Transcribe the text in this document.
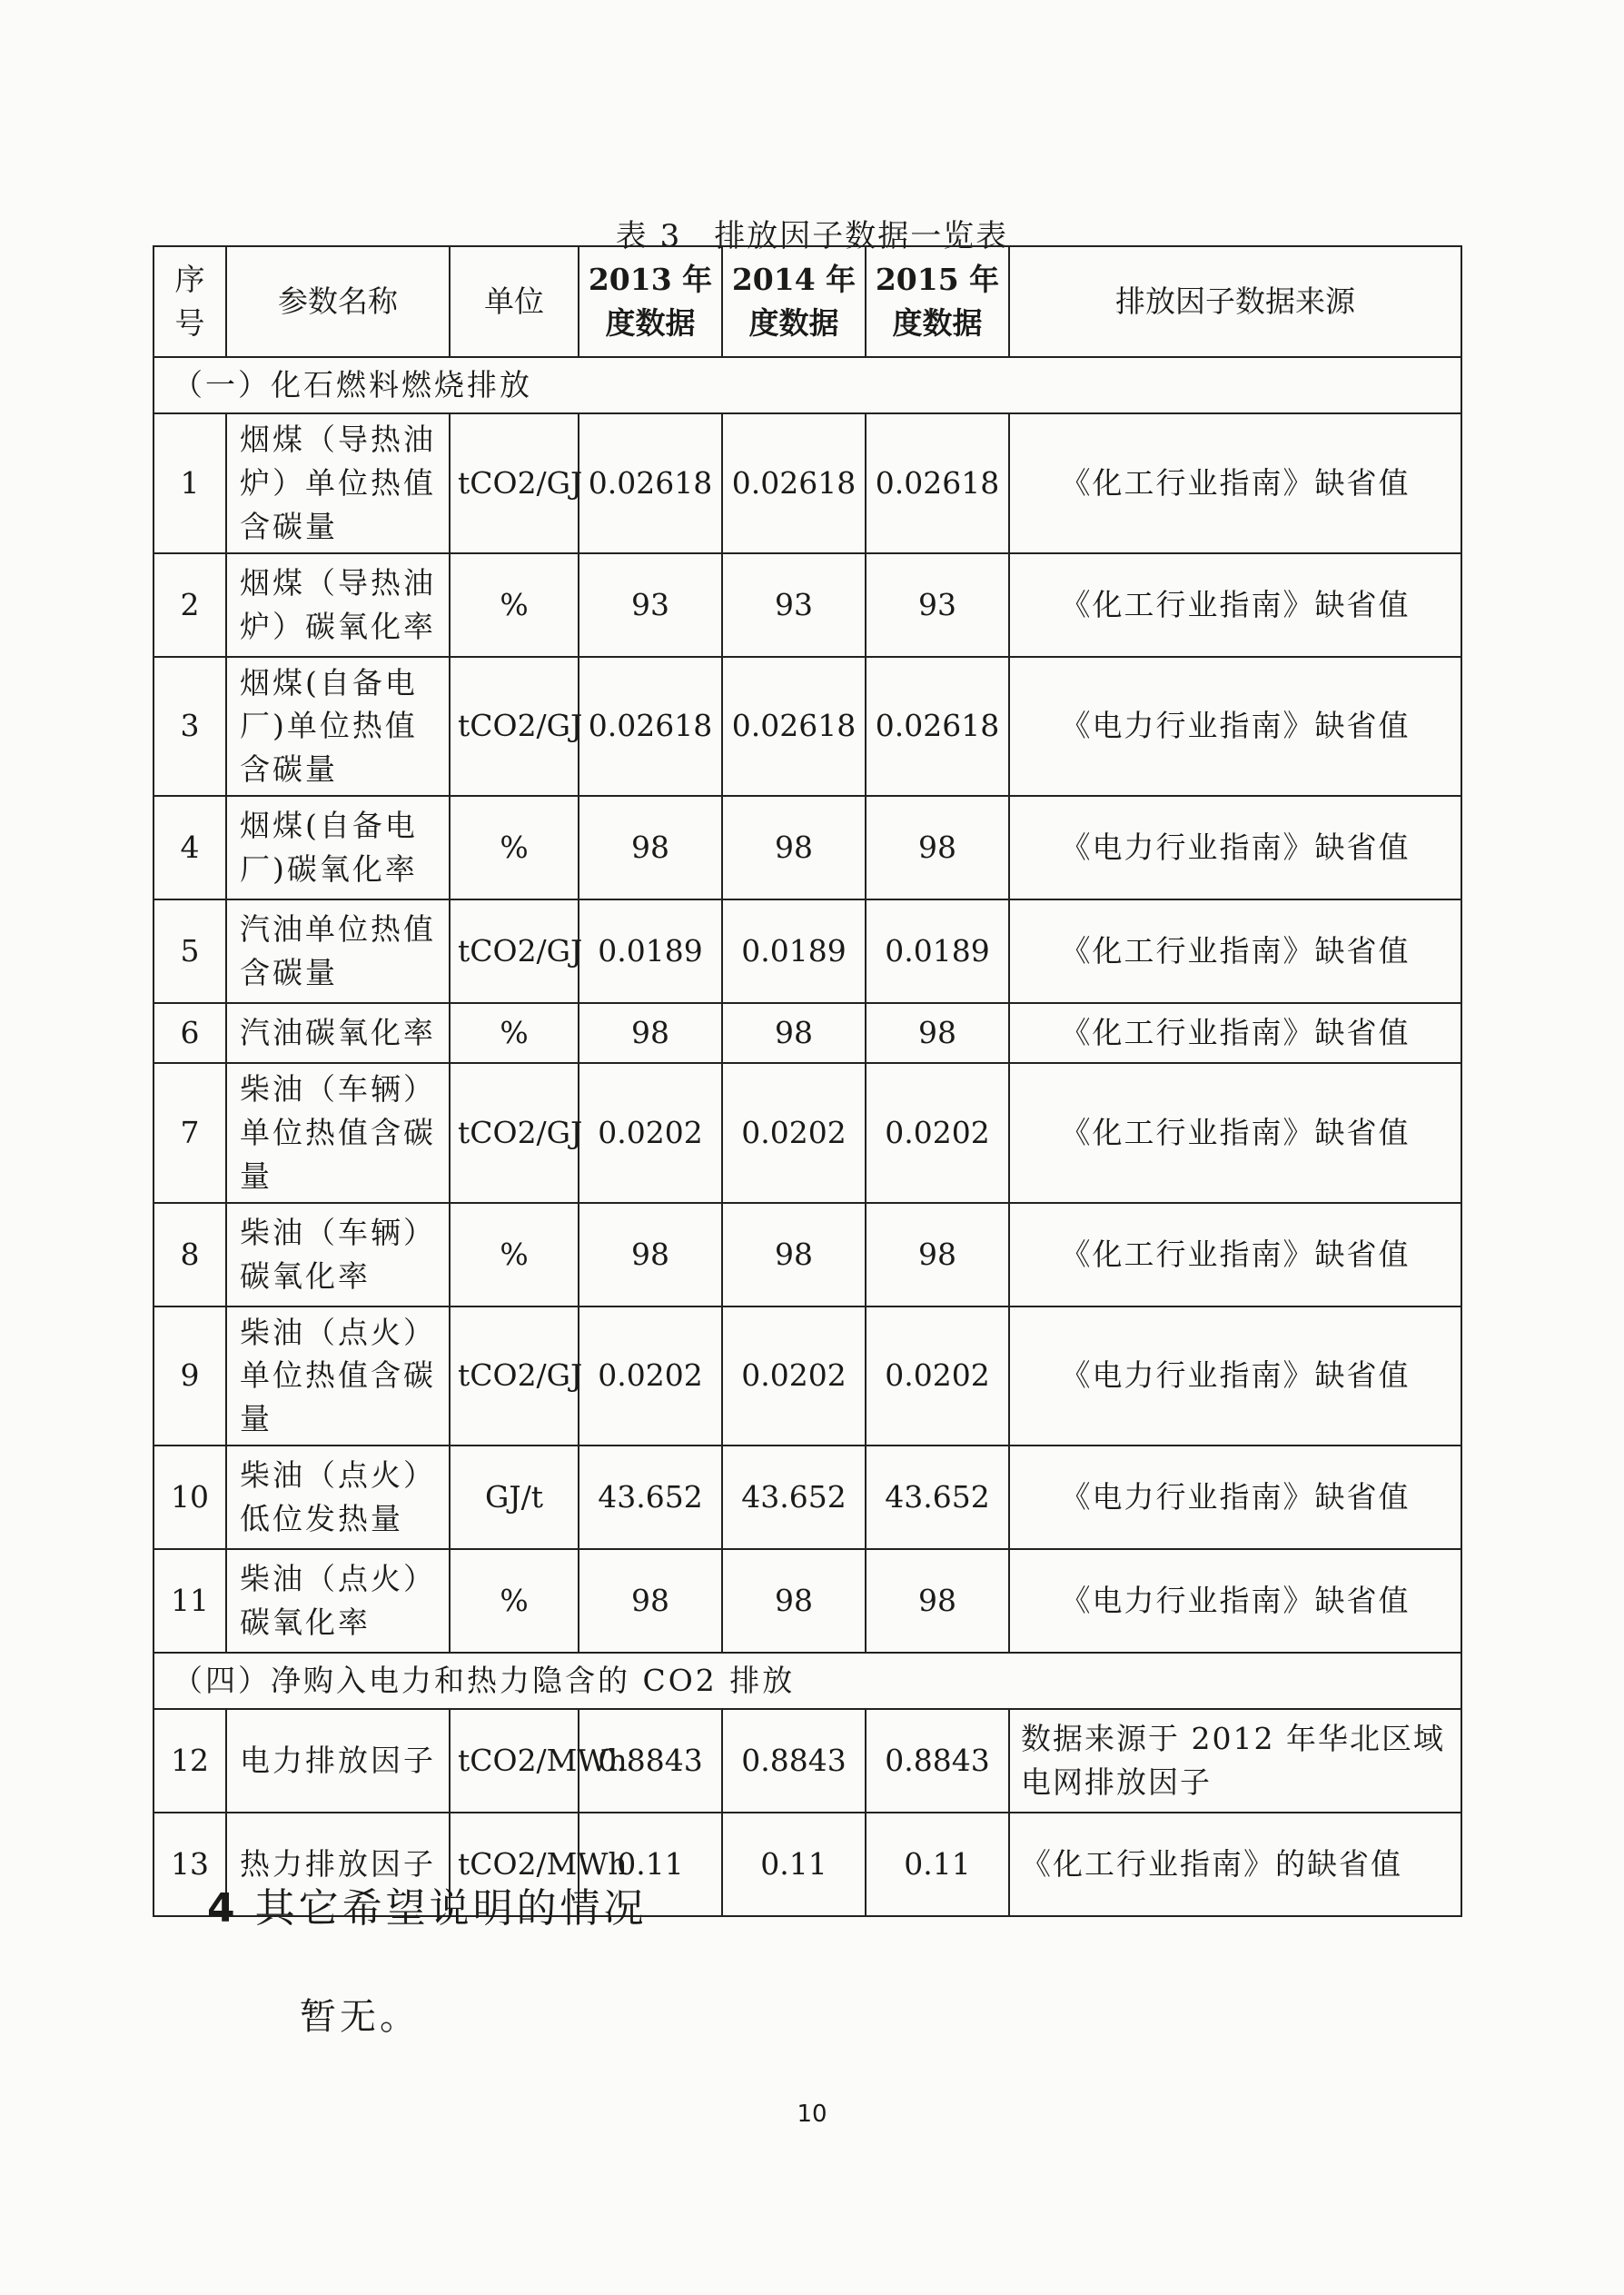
表 3　排放因子数据一览表
序号	参数名称	单位	2013 年度数据	2014 年度数据	2015 年度数据	排放因子数据来源
（一）化石燃料燃烧排放						
1	烟煤（导热油炉）单位热值含碳量	tCO2/GJ	0.02618	0.02618	0.02618	《化工行业指南》缺省值
2	烟煤（导热油炉）碳氧化率	%	93	93	93	《化工行业指南》缺省值
3	烟煤(自备电厂)单位热值含碳量	tCO2/GJ	0.02618	0.02618	0.02618	《电力行业指南》缺省值
4	烟煤(自备电厂)碳氧化率	%	98	98	98	《电力行业指南》缺省值
5	汽油单位热值含碳量	tCO2/GJ	0.0189	0.0189	0.0189	《化工行业指南》缺省值
6	汽油碳氧化率	%	98	98	98	《化工行业指南》缺省值
7	柴油（车辆）单位热值含碳量	tCO2/GJ	0.0202	0.0202	0.0202	《化工行业指南》缺省值
8	柴油（车辆）碳氧化率	%	98	98	98	《化工行业指南》缺省值
9	柴油（点火）单位热值含碳量	tCO2/GJ	0.0202	0.0202	0.0202	《电力行业指南》缺省值
10	柴油（点火）低位发热量	GJ/t	43.652	43.652	43.652	《电力行业指南》缺省值
11	柴油（点火）碳氧化率	%	98	98	98	《电力行业指南》缺省值
（四）净购入电力和热力隐含的 CO2 排放						
12	电力排放因子	tCO2/MWh	0.8843	0.8843	0.8843	数据来源于 2012 年华北区域电网排放因子
13	热力排放因子	tCO2/MWh	0.11	0.11	0.11	《化工行业指南》的缺省值
4 其它希望说明的情况
暂无。
10
